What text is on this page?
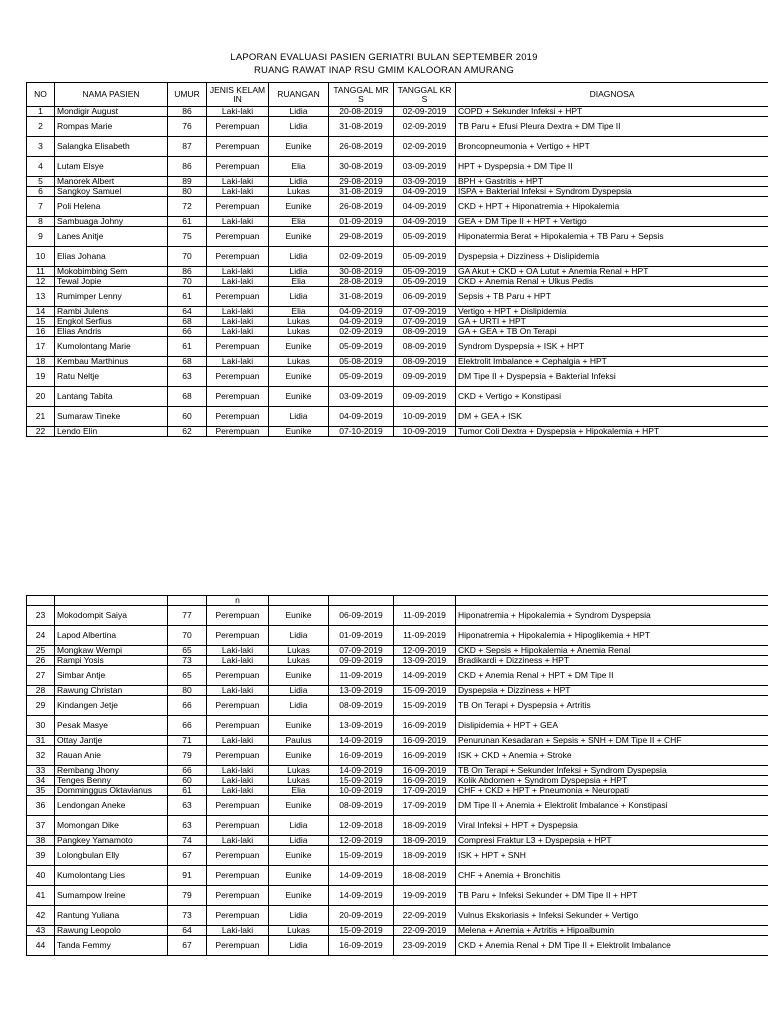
LAPORAN EVALUASI PASIEN GERIATRI BULAN SEPTEMBER 2019
RUANG RAWAT INAP RSU GMIM KALOORAN AMURANG
NO	NAMA PASIEN	UMUR	JENIS KELAMIN	RUANGAN	TANGGAL MRS	TANGGAL KRS	DIAGNOSA
1	Mondigir August	86	Laki-laki	Lidia	20-08-2019	02-09-2019	COPD + Sekunder Infeksi + HPT
2	Rompas Marie	76	Perempuan	Lidia	31-08-2019	02-09-2019	TB Paru + Efusi Pleura Dextra + DM Tipe II
3	Salangka Elisabeth	87	Perempuan	Eunike	26-08-2019	02-09-2019	Broncopneumonia + Vertigo + HPT
4	Lutam Elsye	86	Perempuan	Elia	30-08-2019	03-09-2019	HPT + Dyspepsia + DM Tipe II
5	Manorek Albert	89	Laki-laki	Lidia	29-08-2019	03-09-2019	BPH + Gastritis + HPT
6	Sangkoy Samuel	80	Laki-laki	Lukas	31-08-2019	04-09-2019	ISPA + Bakterial Infeksi + Syndrom Dyspepsia
7	Poli Helena	72	Perempuan	Eunike	26-08-2019	04-09-2019	CKD + HPT + Hiponatremia + Hipokalemia
8	Sambuaga Johny	61	Laki-laki	Elia	01-09-2019	04-09-2019	GEA + DM Tipe II + HPT + Vertigo
9	Lanes Anitje	75	Perempuan	Eunike	29-08-2019	05-09-2019	Hiponatermia Berat + Hipokalemia + TB Paru + Sepsis
10	Elias Johana	70	Perempuan	Lidia	02-09-2019	05-09-2019	Dyspepsia + Dizziness + Dislipidemia
11	Mokobimbing Sem	86	Laki-laki	Lidia	30-08-2019	05-09-2019	GA Akut + CKD + OA Lutut + Anemia Renal + HPT
12	Tewal Jopie	70	Laki-laki	Elia	28-08-2019	05-09-2019	CKD + Anemia Renal + Ulkus Pedis
13	Rumimper Lenny	61	Perempuan	Lidia	31-08-2019	06-09-2019	Sepsis + TB Paru + HPT
14	Rambi Julens	64	Laki-laki	Elia	04-09-2019	07-09-2019	Vertigo + HPT + Dislipidemia
15	Engkol Serfius	68	Laki-laki	Lukas	04-09-2019	07-09-2019	GA + URTI + HPT
16	Elias Andris	66	Laki-laki	Lukas	02-09-2019	08-09-2019	GA + GEA + TB On Terapi
17	Kumolontang Marie	61	Perempuan	Eunike	05-09-2019	08-09-2019	Syndrom Dyspepsia + ISK + HPT
18	Kembau Marthinus	68	Laki-laki	Lukas	05-08-2019	08-09-2019	Elektrolit Imbalance + Cephalgia + HPT
19	Ratu Neltje	63	Perempuan	Eunike	05-09-2019	09-09-2019	DM Tipe II + Dyspepsia + Bakterial Infeksi
20	Lantang Tabita	68	Perempuan	Eunike	03-09-2019	09-09-2019	CKD + Vertigo + Konstipasi
21	Sumaraw Tineke	60	Perempuan	Lidia	04-09-2019	10-09-2019	DM + GEA + ISK
22	Lendo Elin	62	Perempuan	Eunike	07-10-2019	10-09-2019	Tumor Coli Dextra + Dyspepsia + Hipokalemia + HPT
			n				
23	Mokodompit Saiya	77	Perempuan	Eunike	06-09-2019	11-09-2019	Hiponatremia + Hipokalemia + Syndrom Dyspepsia
24	Lapod Albertina	70	Perempuan	Lidia	01-09-2019	11-09-2019	Hiponatremia + Hipokalemia + Hipoglikemia + HPT
25	Mongkaw Wempi	65	Laki-laki	Lukas	07-09-2019	12-09-2019	CKD + Sepsis + Hipokalemia + Anemia Renal
26	Rampi Yosis	73	Laki-laki	Lukas	09-09-2019	13-09-2019	Bradikardi + Dizziness + HPT
27	Simbar Antje	65	Perempuan	Eunike	11-09-2019	14-09-2019	CKD + Anemia Renal + HPT + DM Tipe II
28	Rawung Christan	80	Laki-laki	Lidia	13-09-2019	15-09-2019	Dyspepsia + Dizziness + HPT
29	Kindangen Jetje	66	Perempuan	Lidia	08-09-2019	15-09-2019	TB On Terapi + Dyspepsia + Artritis
30	Pesak Masye	66	Perempuan	Eunike	13-09-2019	16-09-2019	Dislipidemia + HPT + GEA
31	Ottay Jantje	71	Laki-laki	Paulus	14-09-2019	16-09-2019	Penurunan Kesadaran + Sepsis + SNH + DM Tipe II + CHF
32	Rauan Anie	79	Perempuan	Eunike	16-09-2019	16-09-2019	ISK + CKD + Anemia + Stroke
33	Rembang Jhony	66	Laki-laki	Lukas	14-09-2019	16-09-2019	TB On Terapi + Sekunder Infeksi + Syndrom Dyspepsia
34	Tenges Benny	60	Laki-laki	Lukas	15-09-2019	16-09-2019	Kolik Abdomen + Syndrom Dyspepsia + HPT
35	Domminggus Oktavianus	61	Laki-laki	Elia	10-09-2019	17-09-2019	CHF + CKD + HPT + Pneumonia + Neuropati
36	Lendongan Aneke	63	Perempuan	Eunike	08-09-2019	17-09-2019	DM Tipe II + Anemia + Elektrolit Imbalance + Konstipasi
37	Momongan Dike	63	Perempuan	Lidia	12-09-2018	18-09-2019	Viral Infeksi + HPT + Dyspepsia
38	Pangkey Yamamoto	74	Laki-laki	Lidia	12-09-2019	18-09-2019	Compresi Fraktur L3 + Dyspepsia + HPT
39	Lolongbulan Elly	67	Perempuan	Eunike	15-09-2019	18-09-2019	ISK + HPT + SNH
40	Kumolontang Lies	91	Perempuan	Eunike	14-09-2019	18-08-2019	CHF + Anemia + Bronchitis
41	Sumampow Ireine	79	Perempuan	Eunike	14-09-2019	19-09-2019	TB Paru + Infeksi Sekunder + DM Tipe II + HPT
42	Rantung Yuliana	73	Perempuan	Lidia	20-09-2019	22-09-2019	Vulnus Ekskoriasis + Infeksi Sekunder + Vertigo
43	Rawung Leopolo	64	Laki-laki	Lukas	15-09-2019	22-09-2019	Melena + Anemia + Artritis + Hipoalbumin
44	Tanda Femmy	67	Perempuan	Lidia	16-09-2019	23-09-2019	CKD + Anemia Renal + DM Tipe II + Elektrolit Imbalance
